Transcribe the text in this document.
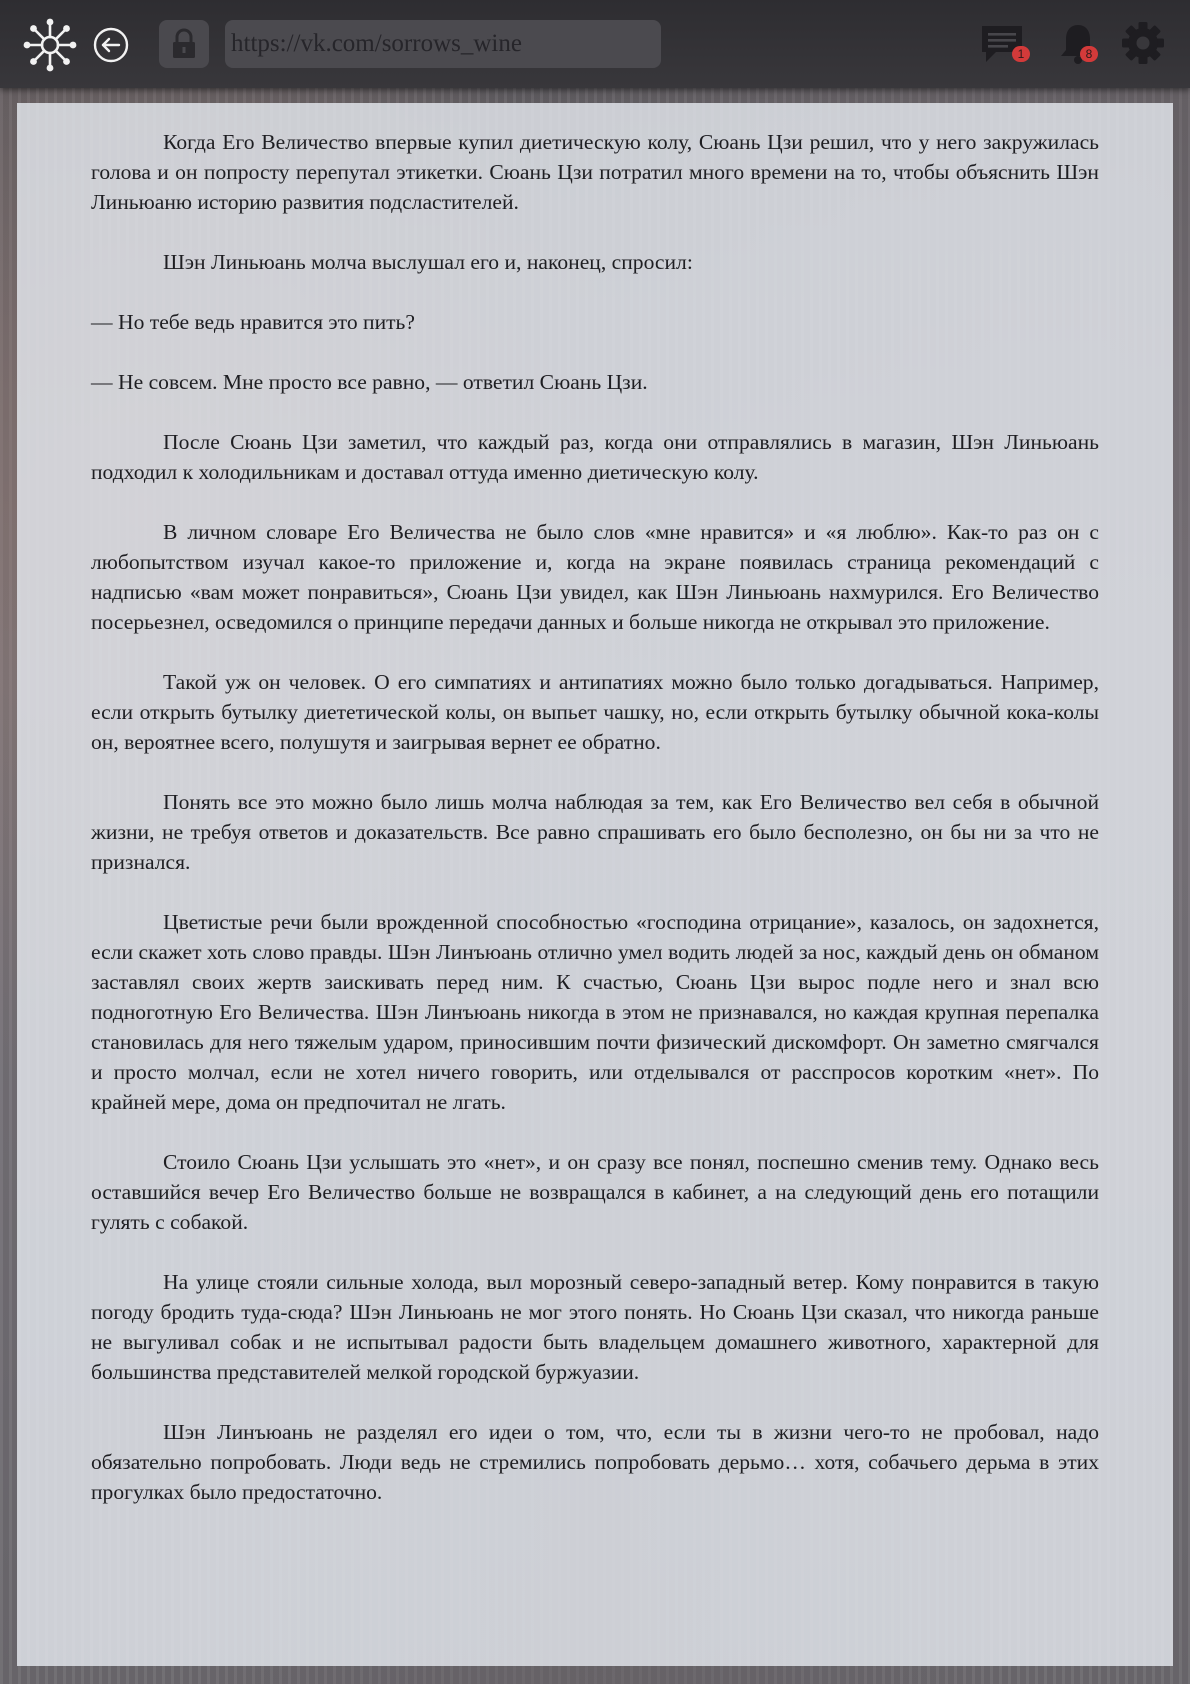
https://vk.com/sorrows_wine
1	8

Когда Его Величество впервые купил диетическую колу, Сюань Цзи решил, что у него закружилась голова и он попросту перепутал этикетки. Сюань Цзи потратил много времени на то, чтобы объяснить Шэн Линьюаню историю развития подсластителей.

Шэн Линьюань молча выслушал его и, наконец, спросил:

— Но тебе ведь нравится это пить?

— Не совсем. Мне просто все равно, — ответил Сюань Цзи.

После Сюань Цзи заметил, что каждый раз, когда они отправлялись в магазин, Шэн Линьюань подходил к холодильникам и доставал оттуда именно диетическую колу.

В личном словаре Его Величества не было слов «мне нравится» и «я люблю». Как-то раз он с любопытством изучал какое-то приложение и, когда на экране появилась страница рекомендаций с надписью «вам может понравиться», Сюань Цзи увидел, как Шэн Линьюань нахмурился. Его Величество посерьезнел, осведомился о принципе передачи данных и больше никогда не открывал это приложение.

Такой уж он человек. О его симпатиях и антипатиях можно было только догадываться. Например, если открыть бутылку диететической колы, он выпьет чашку, но, если открыть бутылку обычной кока-колы он, вероятнее всего, полушутя и заигрывая вернет ее обратно.

Понять все это можно было лишь молча наблюдая за тем, как Его Величество вел себя в обычной жизни, не требуя ответов и доказательств. Все равно спрашивать его было бесполезно, он бы ни за что не признался.

Цветистые речи были врожденной способностью «господина отрицание», казалось, он задохнется, если скажет хоть слово правды. Шэн Линъюань отлично умел водить людей за нос, каждый день он обманом заставлял своих жертв заискивать перед ним. К счастью, Сюань Цзи вырос подле него и знал всю подноготную Его Величества. Шэн Линъюань никогда в этом не признавался, но каждая крупная перепалка становилась для него тяжелым ударом, приносившим почти физический дискомфорт. Он заметно смягчался и просто молчал, если не хотел ничего говорить, или отделывался от расспросов коротким «нет». По крайней мере, дома он предпочитал не лгать.

Стоило Сюань Цзи услышать это «нет», и он сразу все понял, поспешно сменив тему. Однако весь оставшийся вечер Его Величество больше не возвращался в кабинет, а на следующий день его потащили гулять с собакой.

На улице стояли сильные холода, выл морозный северо-западный ветер. Кому понравится в такую погоду бродить туда-сюда? Шэн Линьюань не мог этого понять. Но Сюань Цзи сказал, что никогда раньше не выгуливал собак и не испытывал радости быть владельцем домашнего животного, характерной для большинства представителей мелкой городской буржуазии.

Шэн Линъюань не разделял его идеи о том, что, если ты в жизни чего-то не пробовал, надо обязательно попробовать. Люди ведь не стремились попробовать дерьмо… хотя, собачьего дерьма в этих прогулках было предостаточно.
